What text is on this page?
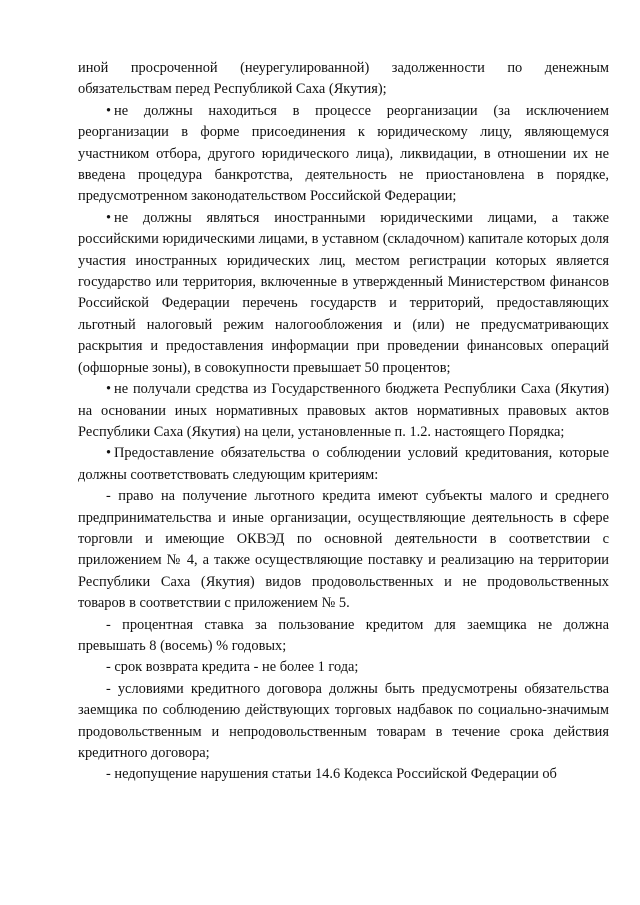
иной просроченной (неурегулированной) задолженности по денежным обязательствам перед Республикой Саха (Якутия);

• не должны находиться в процессе реорганизации (за исключением реорганизации в форме присоединения к юридическому лицу, являющемуся участником отбора, другого юридического лица), ликвидации, в отношении их не введена процедура банкротства, деятельность не приостановлена в порядке, предусмотренном законодательством Российской Федерации;

• не должны являться иностранными юридическими лицами, а также российскими юридическими лицами, в уставном (складочном) капитале которых доля участия иностранных юридических лиц, местом регистрации которых является государство или территория, включенные в утвержденный Министерством финансов Российской Федерации перечень государств и территорий, предоставляющих льготный налоговый режим налогообложения и (или) не предусматривающих раскрытия и предоставления информации при проведении финансовых операций (офшорные зоны), в совокупности превышает 50 процентов;

• не получали средства из Государственного бюджета Республики Саха (Якутия) на основании иных нормативных правовых актов нормативных правовых актов Республики Саха (Якутия) на цели, установленные п. 1.2. настоящего Порядка;

• Предоставление обязательства о соблюдении условий кредитования, которые должны соответствовать следующим критериям:

- право на получение льготного кредита имеют субъекты малого и среднего предпринимательства и иные организации, осуществляющие деятельность в сфере торговли и имеющие ОКВЭД по основной деятельности в соответствии с приложением № 4, а также осуществляющие поставку и реализацию на территории Республики Саха (Якутия) видов продовольственных и не продовольственных товаров в соответствии с приложением № 5.

- процентная ставка за пользование кредитом для заемщика не должна превышать 8 (восемь) % годовых;

- срок возврата кредита - не более 1 года;

- условиями кредитного договора должны быть предусмотрены обязательства заемщика по соблюдению действующих торговых надбавок по социально-значимым продовольственным и непродовольственным товарам в течение срока действия кредитного договора;

- недопущение нарушения статьи 14.6 Кодекса Российской Федерации об
